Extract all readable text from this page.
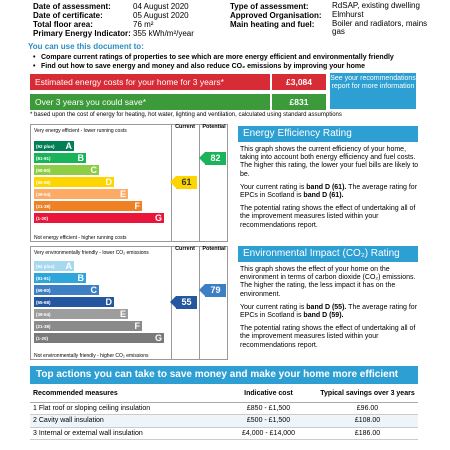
Date of assessment:	04 August 2020
Date of certificate:	05 August 2020
Total floor area:	76 m²
Primary Energy Indicator: 355 kWh/m²/year
Type of assessment:	RdSAP, existing dwelling
Approved Organisation:	Elmhurst
Main heating and fuel:	Boiler and radiators, mains gas
You can use this document to:
• Compare current ratings of properties to see which are more energy efficient and environmentally friendly
• Find out how to save energy and money and also reduce CO₂ emissions by improving your home
Estimated energy costs for your home for 3 years*	£3,084
Over 3 years you could save*	£831
See your recommendations report for more information
* based upon the cost of energy for heating, hot water, lighting and ventilation, calculated using standard assumptions
Very energy efficient - lower running costs
Current	Potential
Not energy efficient - higher running costs
(92 plus) A
(81-91)	B
(69-80)	C
(55-68)	D
(39-54)	E
(21-38)	F
(1-20)	G
61
82
Energy Efficiency Rating

This graph shows the current efficiency of your home, taking into account both energy efficiency and fuel costs. The higher this rating, the lower your fuel bills are likely to be.

Your current rating is band D (61). The average rating for EPCs in Scotland is band D (61).

The potential rating shows the effect of undertaking all of the improvement measures listed within your recommendations report.

Very environmentally friendly - lower CO₂ emissions
Current	Potential
Not environmentally friendly - higher CO₂ emissions
(92 plus) A
(81-91)	B
(69-80)	C
(55-68)	D
(39-54)	E
(21-38)	F
(1-20)	G
55
79
Environmental Impact (CO₂) Rating

This graph shows the effect of your home on the environment in terms of carbon dioxide (CO₂) emissions. The higher the rating, the less impact it has on the environment.

Your current rating is band D (55). The average rating for EPCs in Scotland is band D (59).

The potential rating shows the effect of undertaking all of the improvement measures listed within your recommendations report.

Top actions you can take to save money and make your home more efficient
Recommended measures	Indicative cost	Typical savings over 3 years
1 Flat roof or sloping ceiling insulation	£850 - £1,500	£96.00
2 Cavity wall insulation	£500 - £1,500	£108.00
3 Internal or external wall insulation	£4,000 - £14,000	£186.00
